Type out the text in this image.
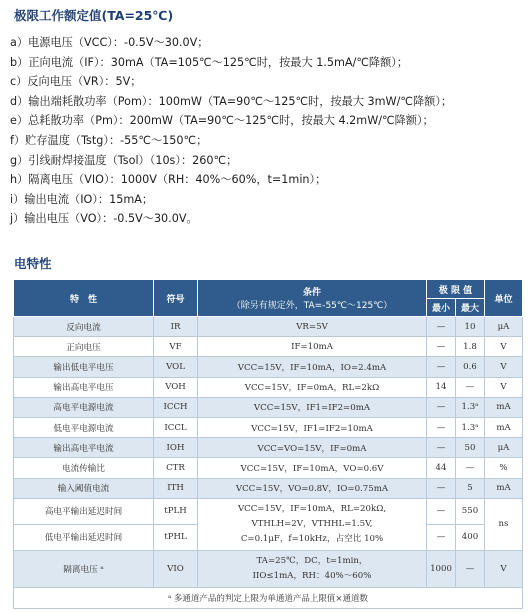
极限工作额定值(TA=25℃)
a）电源电压（VCC）：-0.5V～30.0V；
b）正向电流（IF）：30mA（TA=105℃～125℃时，按最大 1.5mA/℃降额）；
c）反向电压（VR）：5V；
d）输出端耗散功率（Pom）：100mW（TA=90℃～125℃时，按最大 3mW/℃降额）；
e）总耗散功率（Pm）：200mW（TA=90℃～125℃时，按最大 4.2mW/℃降额）；
f）贮存温度（Tstg）：-55℃～150℃；
g）引线耐焊接温度（Tsol）（10s）：260℃；
h）隔离电压（VIO）：1000V（RH：40%～60%，t=1min）；
i）输出电流（IO）：15mA；
j）输出电压（VO）：-0.5V～30.0V。
电特性
特　性	符号	条件
（除另有规定外，TA=-55℃～125℃）	极 限 值		单位
			最小	最大	
反向电流	IR	VR=5V	—	10	μA
正向电压	VF	IF=10mA	—	1.8	V
输出低电平电压	VOL	VCC=15V，IF=10mA，IO=2.4mA	—	0.6	V
输出高电平电压	VOH	VCC=15V，IF=0mA，RL=2kΩ	14	—	V
高电平电源电流	ICCH	VCC=15V，IF1=IF2=0mA	—	1.3ᵃ	mA
低电平电源电流	ICCL	VCC=15V，IF1=IF2=10mA	—	1.3ᵃ	mA
输出高电平电流	IOH	VCC=VO=15V，IF=0mA	—	50	μA
电流传输比	CTR	VCC=15V，IF=10mA，VO=0.6V	44	—	%
输入阈值电流	ITH	VCC=15V，VO=0.8V，IO=0.75mA	—	5	mA
高电平输出延迟时间	tPLH	VCC=15V，IF=10mA，RL=20kΩ,
VTHLH=2V，VTHHL=1.5V,
C=0.1μF，f=10kHz，占空比 10%	—	550	ns
低电平输出延迟时间	tPHL		—	400	
隔离电压 ᵃ	VIO	TA=25℃，DC，t=1min，
IIO≤1mA，RH：40%～60%	1000	—	V
ᵃ 多通道产品的判定上限为单通道产品上限值×通道数					
